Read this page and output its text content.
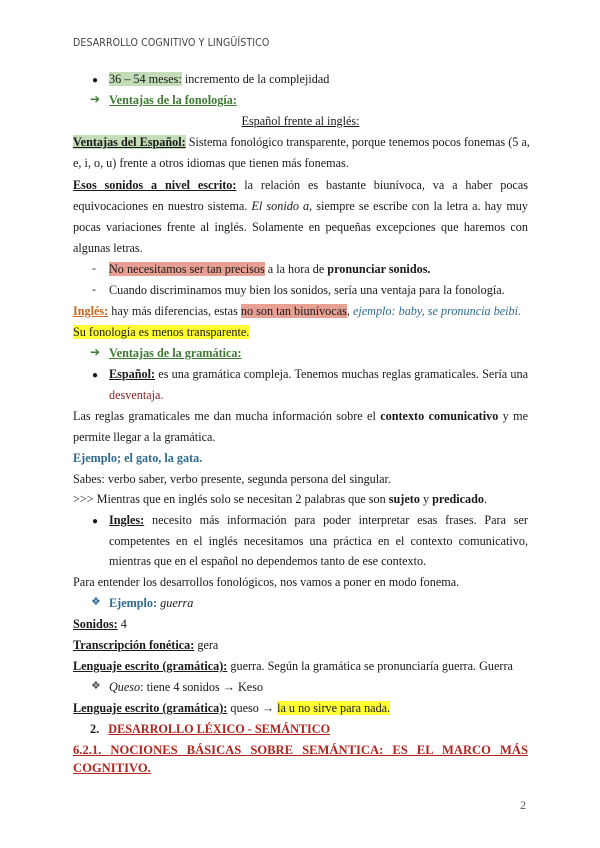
DESARROLLO COGNITIVO Y LINGÜÍSTICO
● 36 – 54 meses: incremento de la complejidad
➔ Ventajas de la fonología:
Español frente al inglés:
Ventajas del Español: Sistema fonológico transparente, porque tenemos pocos fonemas (5 a,
e, i, o, u) frente a otros idiomas que tienen más fonemas.
Esos sonidos a nivel escrito: la relación es bastante biunívoca, va a haber pocas
equivocaciones en nuestro sistema. El sonido a, siempre se escribe con la letra a. hay muy
pocas variaciones frente al inglés. Solamente en pequeñas excepciones que haremos con
algunas letras.
- No necesitamos ser tan precisos a la hora de pronunciar sonidos.
- Cuando discriminamos muy bien los sonidos, sería una ventaja para la fonología.
Inglés: hay más diferencias, estas no son tan biunívocas, ejemplo: baby, se pronuncia beibi.
Su fonología es menos transparente.
➔ Ventajas de la gramática:
● Español: es una gramática compleja. Tenemos muchas reglas gramaticales. Sería una
desventaja.
Las reglas gramaticales me dan mucha información sobre el contexto comunicativo y me
permite llegar a la gramática.
Ejemplo; el gato, la gata.
Sabes: verbo saber, verbo presente, segunda persona del singular.
>>> Mientras que en inglés solo se necesitan 2 palabras que son sujeto y predicado.
● Ingles: necesito más información para poder interpretar esas frases. Para ser
competentes en el inglés necesitamos una práctica en el contexto comunicativo,
mientras que en el español no dependemos tanto de ese contexto.
Para entender los desarrollos fonológicos, nos vamos a poner en modo fonema.
❖ Ejemplo: guerra
Sonidos: 4
Transcripción fonética: gera
Lenguaje escrito (gramática): guerra. Según la gramática se pronunciaría guerra. Guerra
❖ Queso: tiene 4 sonidos → Keso
Lenguaje escrito (gramática): queso → la u no sirve para nada.
2. DESARROLLO LÉXICO - SEMÁNTICO
6.2.1. NOCIONES BÁSICAS SOBRE SEMÁNTICA: ES EL MARCO MÁS
COGNITIVO.
2
